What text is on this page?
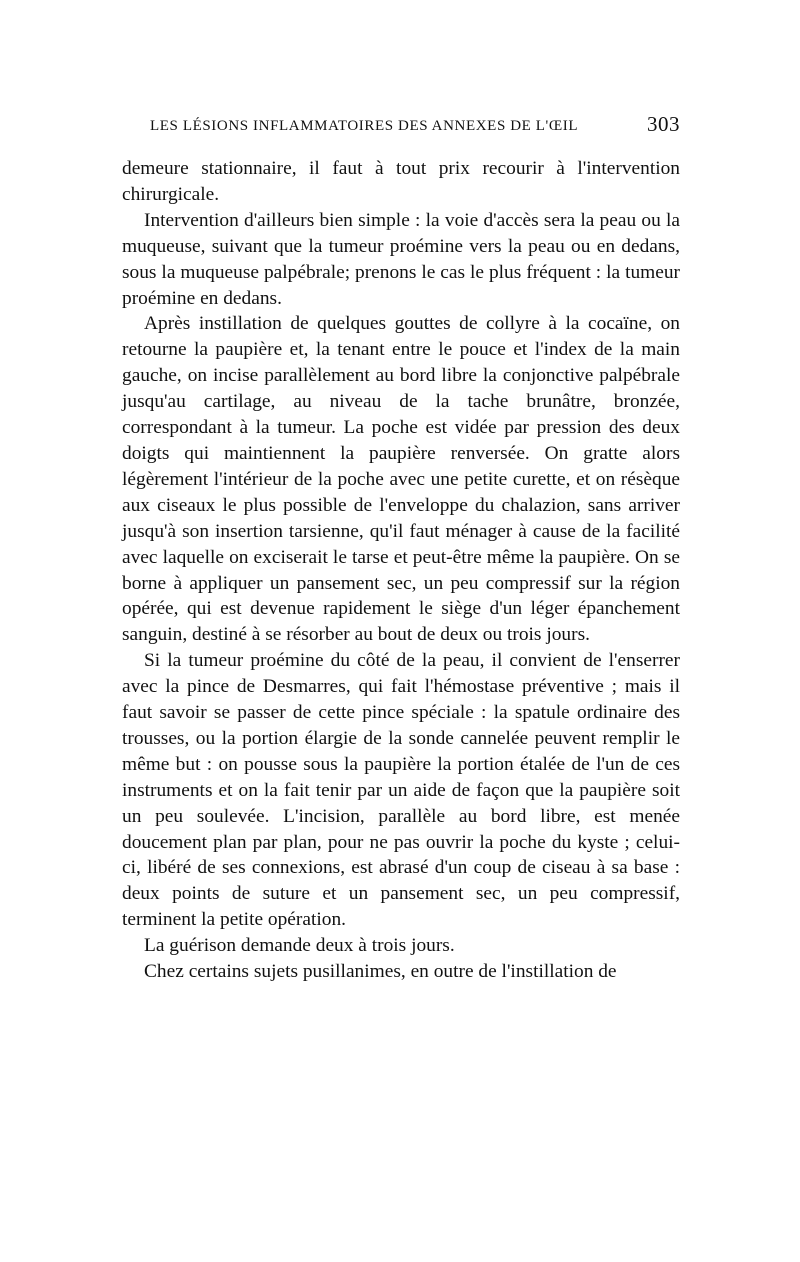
LES LÉSIONS INFLAMMATOIRES DES ANNEXES DE L'ŒIL	303

demeure stationnaire, il faut à tout prix recourir à l'intervention chirurgicale.

Intervention d'ailleurs bien simple : la voie d'accès sera la peau ou la muqueuse, suivant que la tumeur proémine vers la peau ou en dedans, sous la muqueuse palpébrale; prenons le cas le plus fréquent : la tumeur proémine en dedans.

Après instillation de quelques gouttes de collyre à la cocaïne, on retourne la paupière et, la tenant entre le pouce et l'index de la main gauche, on incise parallèlement au bord libre la conjonctive palpébrale jusqu'au cartilage, au niveau de la tache brunâtre, bronzée, correspondant à la tumeur. La poche est vidée par pression des deux doigts qui maintiennent la paupière renversée. On gratte alors légèrement l'intérieur de la poche avec une petite curette, et on résèque aux ciseaux le plus possible de l'enveloppe du chalazion, sans arriver jusqu'à son insertion tarsienne, qu'il faut ménager à cause de la facilité avec laquelle on exciserait le tarse et peut-être même la paupière. On se borne à appliquer un pansement sec, un peu compressif sur la région opérée, qui est devenue rapidement le siège d'un léger épanchement sanguin, destiné à se résorber au bout de deux ou trois jours.

Si la tumeur proémine du côté de la peau, il convient de l'enserrer avec la pince de Desmarres, qui fait l'hémostase préventive ; mais il faut savoir se passer de cette pince spéciale : la spatule ordinaire des trousses, ou la portion élargie de la sonde cannelée peuvent remplir le même but : on pousse sous la paupière la portion étalée de l'un de ces instruments et on la fait tenir par un aide de façon que la paupière soit un peu soulevée. L'incision, parallèle au bord libre, est menée doucement plan par plan, pour ne pas ouvrir la poche du kyste ; celui-ci, libéré de ses connexions, est abrasé d'un coup de ciseau à sa base : deux points de suture et un pansement sec, un peu compressif, terminent la petite opération.

La guérison demande deux à trois jours.

Chez certains sujets pusillanimes, en outre de l'instillation de
